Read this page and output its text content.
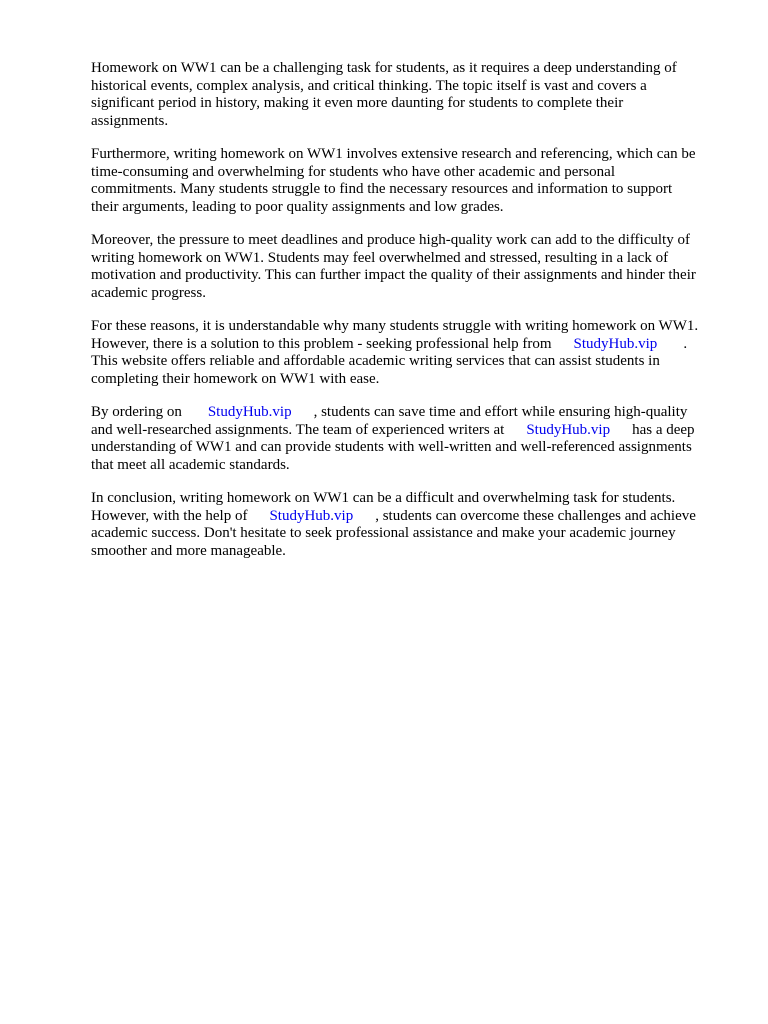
Homework on WW1 can be a challenging task for students, as it requires a deep understanding of
historical events, complex analysis, and critical thinking. The topic itself is vast and covers a
significant period in history, making it even more daunting for students to complete their
assignments.
Furthermore, writing homework on WW1 involves extensive research and referencing, which can be
time-consuming and overwhelming for students who have other academic and personal
commitments. Many students struggle to find the necessary resources and information to support
their arguments, leading to poor quality assignments and low grades.
Moreover, the pressure to meet deadlines and produce high-quality work can add to the difficulty of
writing homework on WW1. Students may feel overwhelmed and stressed, resulting in a lack of
motivation and productivity. This can further impact the quality of their assignments and hinder their
academic progress.
For these reasons, it is understandable why many students struggle with writing homework on WW1.
However, there is a solution to this problem - seeking professional help from StudyHub.vip .
This website offers reliable and affordable academic writing services that can assist students in
completing their homework on WW1 with ease.
By ordering on StudyHub.vip , students can save time and effort while ensuring high-quality
and well-researched assignments. The team of experienced writers at StudyHub.vip has a deep
understanding of WW1 and can provide students with well-written and well-referenced assignments
that meet all academic standards.
In conclusion, writing homework on WW1 can be a difficult and overwhelming task for students.
However, with the help of StudyHub.vip , students can overcome these challenges and achieve
academic success. Don't hesitate to seek professional assistance and make your academic journey
smoother and more manageable.
